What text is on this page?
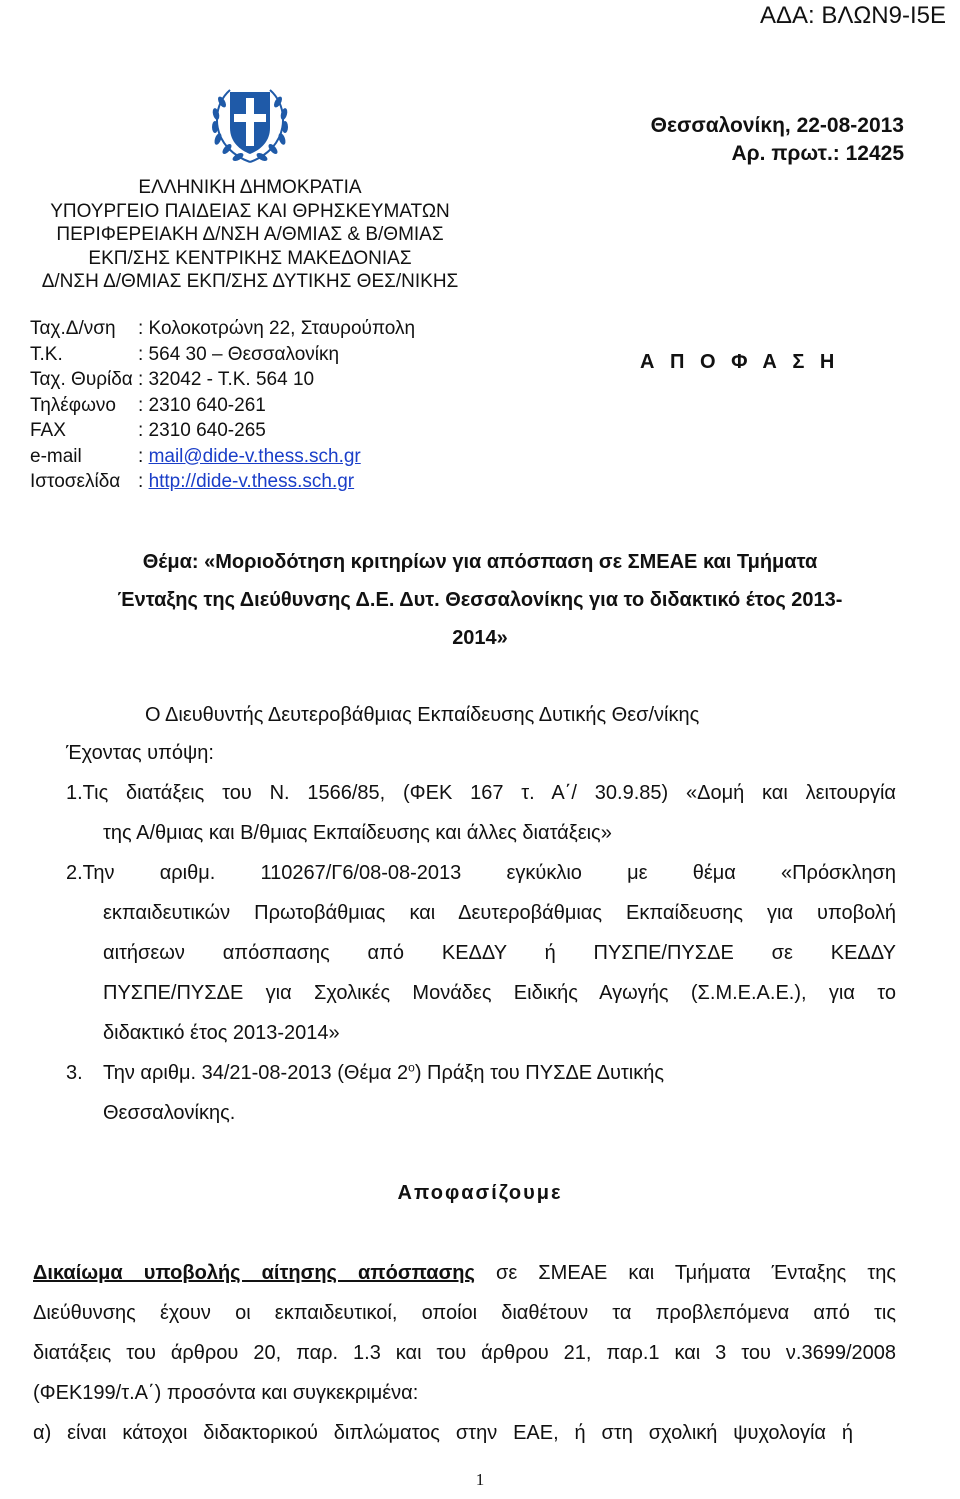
ΑΔΑ: ΒΛΩΝ9-Ι5Ε
ΕΛΛΗΝΙΚΗ ΔΗΜΟΚΡΑΤΙΑ
ΥΠΟΥΡΓΕΙΟ ΠΑΙΔΕΙΑΣ ΚΑΙ ΘΡΗΣΚΕΥΜΑΤΩΝ
ΠΕΡΙΦΕΡΕΙΑΚΗ Δ/ΝΣΗ Α/ΘΜΙΑΣ & Β/ΘΜΙΑΣ
ΕΚΠ/ΣΗΣ ΚΕΝΤΡΙΚΗΣ ΜΑΚΕΔΟΝΙΑΣ
Δ/ΝΣΗ Δ/ΘΜΙΑΣ ΕΚΠ/ΣΗΣ ΔΥΤΙΚΗΣ ΘΕΣ/ΝΙΚΗΣ
Ταχ.Δ/νση	: Κολοκοτρώνη 22, Σταυρούπολη
Τ.Κ.	: 564 30 – Θεσσαλονίκη
Ταχ. Θυρίδα : 32042 - Τ.Κ. 564 10
Τηλέφωνο	: 2310 640-261
FAX	: 2310 640-265
e-mail	: mail@dide-v.thess.sch.gr
Ιστοσελίδα : http://dide-v.thess.sch.gr
Θεσσαλονίκη, 22-08-2013
Αρ. πρωτ.: 12425
Α Π Ο Φ Α Σ Η
Θέμα: «Μοριοδότηση κριτηρίων για απόσπαση σε ΣΜΕΑΕ και Τμήματα
Ένταξης της Διεύθυνσης Δ.Ε. Δυτ. Θεσσαλονίκης για το διδακτικό έτος 2013-
2014»
Ο Διευθυντής Δευτεροβάθμιας Εκπαίδευσης Δυτικής Θεσ/νίκης
Έχοντας υπόψη:
1.Τις διατάξεις του Ν. 1566/85, (ΦΕΚ 167 τ. Α΄/ 30.9.85) «Δομή και λειτουργία
της Α/θμιας και Β/θμιας Εκπαίδευσης και άλλες διατάξεις»
2.Την αριθμ. 110267/Γ6/08-08-2013 εγκύκλιο με θέμα «Πρόσκληση
εκπαιδευτικών Πρωτοβάθμιας και Δευτεροβάθμιας Εκπαίδευσης για υποβολή
αιτήσεων απόσπασης από ΚΕΔΔΥ ή ΠΥΣΠΕ/ΠΥΣΔΕ σε ΚΕΔΔΥ
ΠΥΣΠΕ/ΠΥΣΔΕ για Σχολικές Μονάδες Ειδικής Αγωγής (Σ.Μ.Ε.Α.Ε.), για το
διδακτικό έτος 2013-2014»
3. Την αριθμ. 34/21-08-2013 (Θέμα $2^o$) Πράξη του ΠΥΣΔΕ Δυτικής
Θεσσαλονίκης.
Αποφασίζουμε
Δικαίωμα υποβολής αίτησης απόσπασης σε ΣΜΕΑΕ και Τμήματα Ένταξης της
Διεύθυνσης έχουν οι εκπαιδευτικοί, οποίοι διαθέτουν τα προβλεπόμενα από τις
διατάξεις του άρθρου 20, παρ. 1.3 και του άρθρου 21, παρ.1 και 3 του ν.3699/2008
(ΦΕΚ199/τ.Α΄) προσόντα και συγκεκριμένα:
α) είναι κάτοχοι διδακτορικού διπλώματος στην ΕΑΕ, ή στη σχολική ψυχολογία ή
1
